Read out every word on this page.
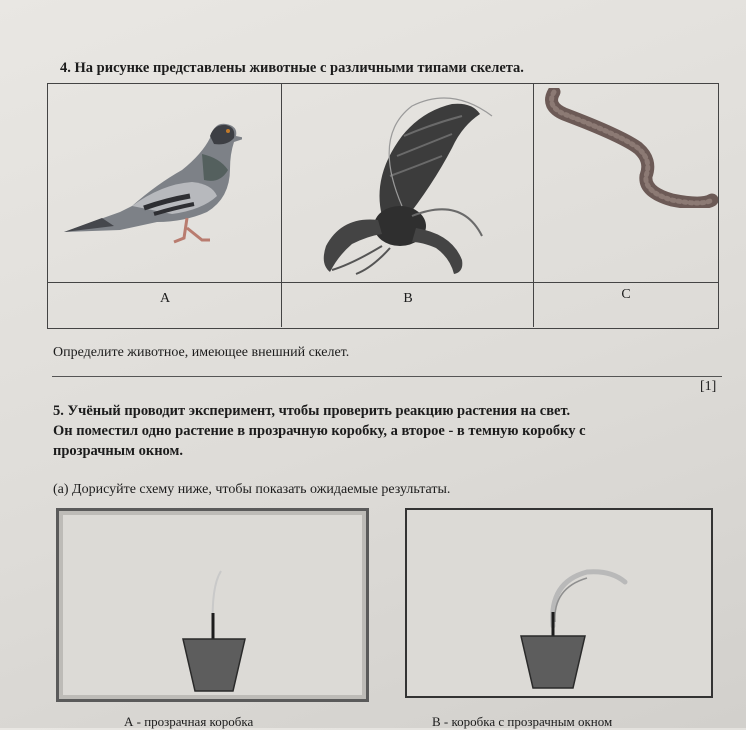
4. На рисунке представлены животные с различными типами скелета.
A	B	C
Определите животное, имеющее внешний скелет.
[1]
5. Учёный проводит эксперимент, чтобы проверить реакцию растения на свет.
Он поместил одно растение в прозрачную коробку, а второе - в темную коробку с
прозрачным окном.
(а) Дорисуйте схему ниже, чтобы показать ожидаемые результаты.
А - прозрачная коробка	В - коробка с прозрачным окном
